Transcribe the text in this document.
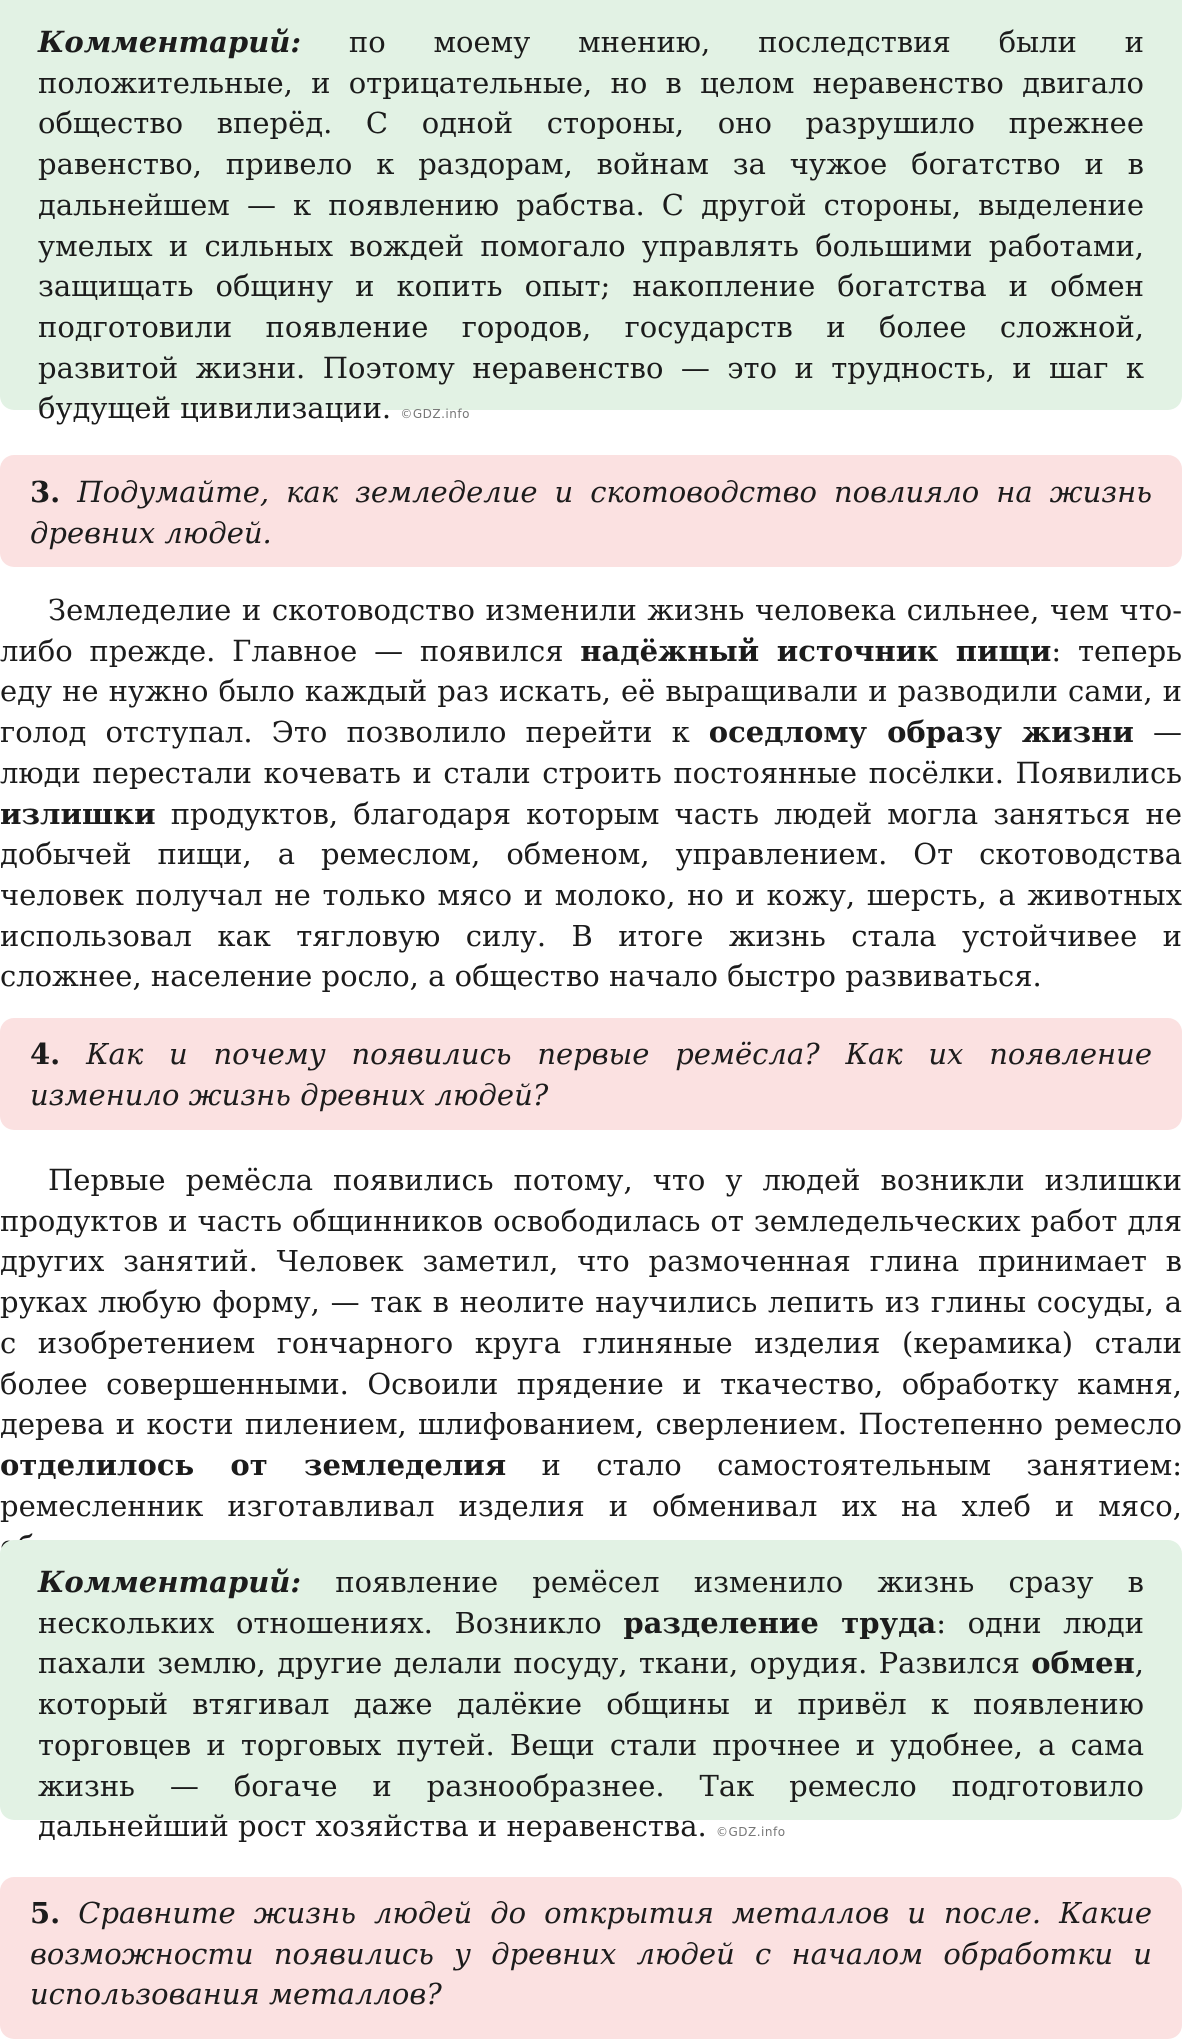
Комментарий: по моему мнению, последствия были и положительные, и отрицательные, но в целом неравенство двигало общество вперёд. С одной стороны, оно разрушило прежнее равенство, привело к раздорам, войнам за чужое богатство и в дальнейшем — к появлению рабства. С другой стороны, выделение умелых и сильных вождей помогало управлять большими работами, защищать общину и копить опыт; накопление богатства и обмен подготовили появление городов, государств и более сложной, развитой жизни. Поэтому неравенство — это и трудность, и шаг к будущей цивилизации. ©GDZ.info

3. Подумайте, как земледелие и скотоводство повлияло на жизнь древних людей.

Земледелие и скотоводство изменили жизнь человека сильнее, чем что-либо прежде. Главное — появился надёжный источник пищи: теперь еду не нужно было каждый раз искать, её выращивали и разводили сами, и голод отступал. Это позволило перейти к оседлому образу жизни — люди перестали кочевать и стали строить постоянные посёлки. Появились излишки продуктов, благодаря которым часть людей могла заняться не добычей пищи, а ремеслом, обменом, управлением. От скотоводства человек получал не только мясо и молоко, но и кожу, шерсть, а животных использовал как тягловую силу. В итоге жизнь стала устойчивее и сложнее, население росло, а общество начало быстро развиваться.

4. Как и почему появились первые ремёсла? Как их появление изменило жизнь древних людей?

Первые ремёсла появились потому, что у людей возникли излишки продуктов и часть общинников освободилась от земледельческих работ для других занятий. Человек заметил, что размоченная глина принимает в руках любую форму, — так в неолите научились лепить из глины сосуды, а с изобретением гончарного круга глиняные изделия (керамика) стали более совершенными. Освоили прядение и ткачество, обработку камня, дерева и кости пилением, шлифованием, сверлением. Постепенно ремесло отделилось от земледелия и стало самостоятельным занятием: ремесленник изготавливал изделия и обменивал их на хлеб и мясо,

Комментарий: появление ремёсел изменило жизнь сразу в нескольких отношениях. Возникло разделение труда: одни люди пахали землю, другие делали посуду, ткани, орудия. Развился обмен, который втягивал даже далёкие общины и привёл к появлению торговцев и торговых путей. Вещи стали прочнее и удобнее, а сама жизнь — богаче и разнообразнее. Так ремесло подготовило дальнейший рост хозяйства и неравенства. ©GDZ.info

5. Сравните жизнь людей до открытия металлов и после. Какие возможности появились у древних людей с началом обработки и использования металлов?
